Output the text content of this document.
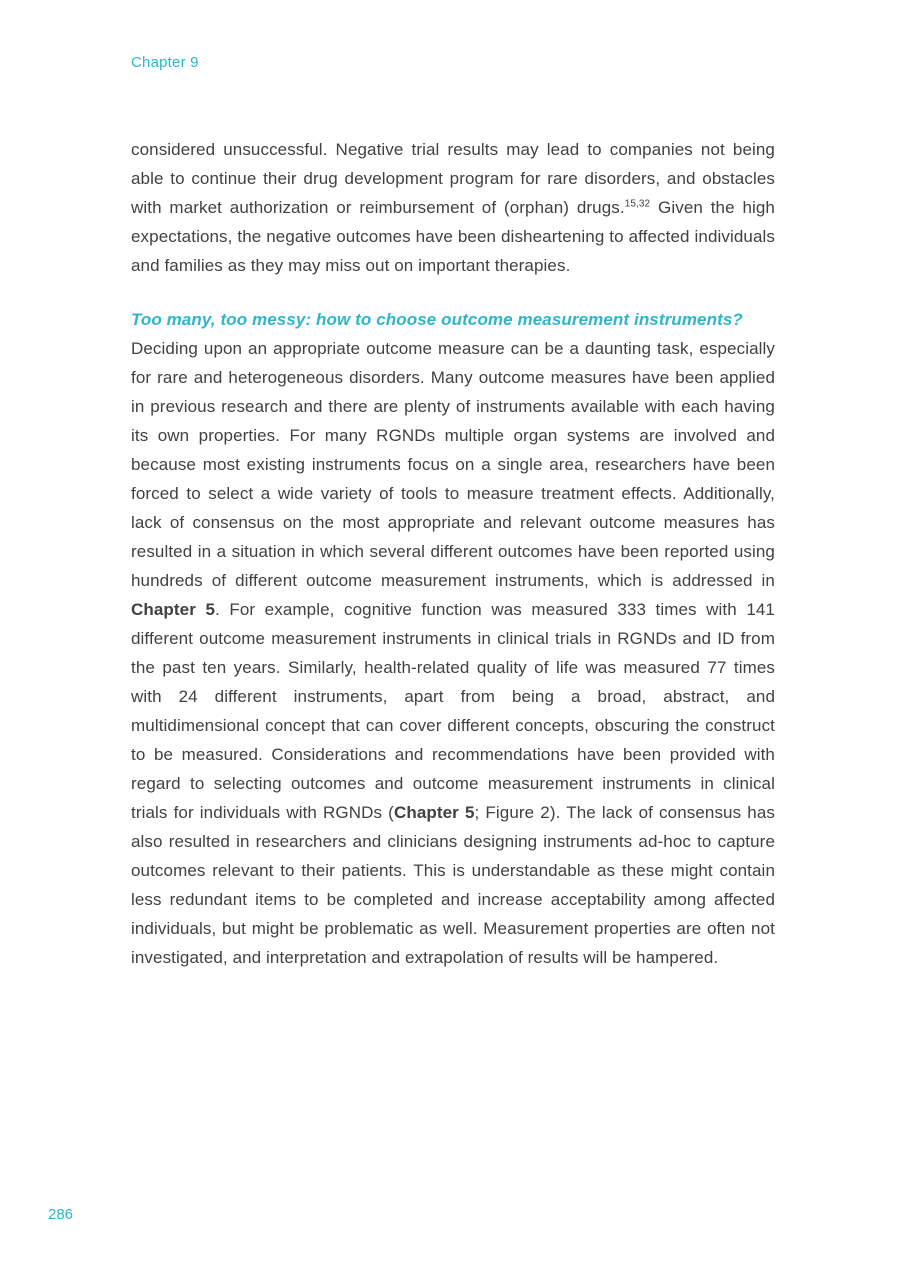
Chapter 9

considered unsuccessful. Negative trial results may lead to companies not being able to continue their drug development program for rare disorders, and obstacles with market authorization or reimbursement of (orphan) drugs.$^{15,32}$ Given the high expectations, the negative outcomes have been disheartening to affected individuals and families as they may miss out on important therapies.

Too many, too messy: how to choose outcome measurement instruments?

Deciding upon an appropriate outcome measure can be a daunting task, especially for rare and heterogeneous disorders. Many outcome measures have been applied in previous research and there are plenty of instruments available with each having its own properties. For many RGNDs multiple organ systems are involved and because most existing instruments focus on a single area, researchers have been forced to select a wide variety of tools to measure treatment effects. Additionally, lack of consensus on the most appropriate and relevant outcome measures has resulted in a situation in which several different outcomes have been reported using hundreds of different outcome measurement instruments, which is addressed in Chapter 5. For example, cognitive function was measured 333 times with 141 different outcome measurement instruments in clinical trials in RGNDs and ID from the past ten years. Similarly, health-related quality of life was measured 77 times with 24 different instruments, apart from being a broad, abstract, and multidimensional concept that can cover different concepts, obscuring the construct to be measured. Considerations and recommendations have been provided with regard to selecting outcomes and outcome measurement instruments in clinical trials for individuals with RGNDs (Chapter 5; Figure 2). The lack of consensus has also resulted in researchers and clinicians designing instruments ad-hoc to capture outcomes relevant to their patients. This is understandable as these might contain less redundant items to be completed and increase acceptability among affected individuals, but might be problematic as well. Measurement properties are often not investigated, and interpretation and extrapolation of results will be hampered.

286
